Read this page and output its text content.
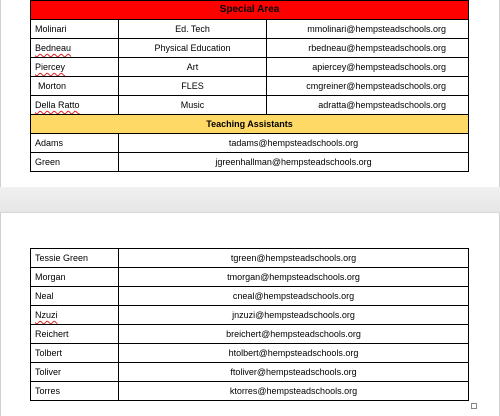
Special Area		
Molinari	Ed. Tech	mmolinari@hempsteadschools.org
Bedneau	Physical Education	rbedneau@hempsteadschools.org
Piercey	Art	apiercey@hempsteadschools.org
Morton	FLES	cmgreiner@hempsteadschools.org
Della Ratto	Music	adratta@hempsteadschools.org
Teaching Assistants		
Adams	tadams@hempsteadschools.org	
Green	jgreenhallman@hempsteadschools.org	
Tessie Green	tgreen@hempsteadschools.org
Morgan	tmorgan@hempsteadschools.org
Neal	cneal@hempsteadschools.org
Nzuzi	jnzuzi@hempsteadschools.org
Reichert	breichert@hempsteadschools.org
Tolbert	htolbert@hempsteadschools.org
Toliver	ftoliver@hempsteadschools.org
Torres	ktorres@hempsteadschools.org
